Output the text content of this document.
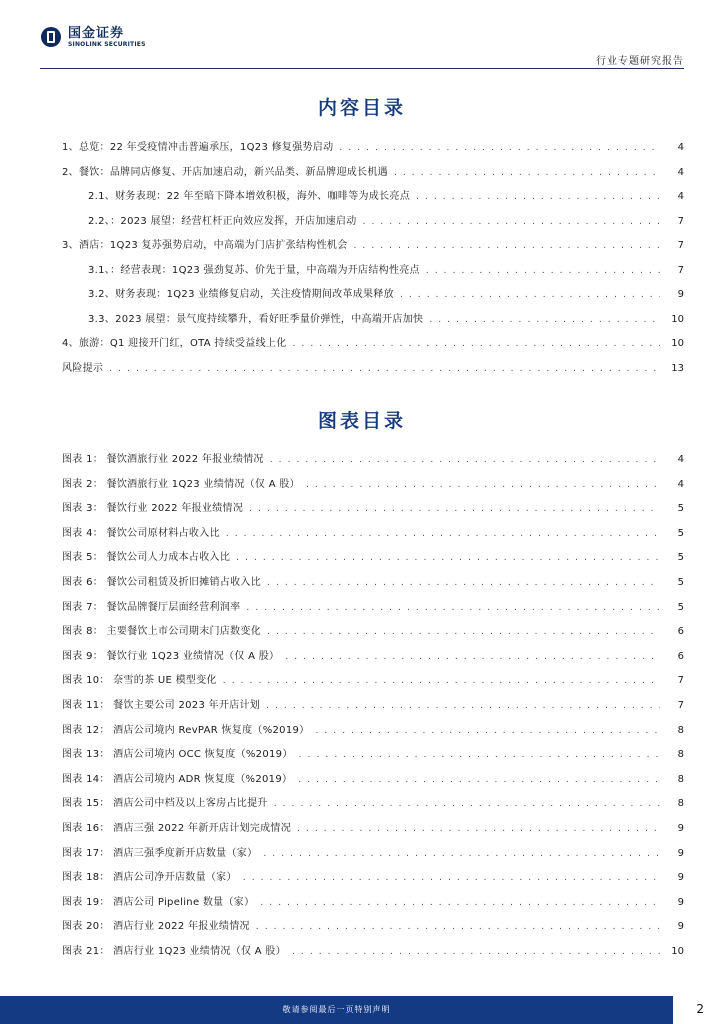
国金证券
SINOLINK SECURITIES
行业专题研究报告
内容目录
1、总览：22 年受疫情冲击普遍承压，1Q23 修复强势启动 . . .	4
2、餐饮：品牌同店修复、开店加速启动，新兴品类、新品牌迎成长机遇 . . .	4
2.1、财务表现：22 年至暗下降本增效积极，海外、咖啡等为成长亮点 . . .	4
2.2、：2023 展望：经营杠杆正向效应发挥，开店加速启动 . . .	7
3、酒店：1Q23 复苏强势启动，中高端为门店扩张结构性机会 . . .	7
3.1、：经营表现：1Q23 强劲复苏、价先于量，中高端为开店结构性亮点 . . .	7
3.2、财务表现：1Q23 业绩修复启动，关注疫情期间改革成果释放 . . .	9
3.3、2023 展望：景气度持续攀升，看好旺季量价弹性，中高端开店加快 . . .	10
4、旅游：Q1 迎接开门红，OTA 持续受益线上化 . . .	10
风险提示 . . .	13
图表目录
图表 1： 餐饮酒旅行业 2022 年报业绩情况 . . .	4
图表 2： 餐饮酒旅行业 1Q23 业绩情况（仅 A 股） . . .	4
图表 3： 餐饮行业 2022 年报业绩情况 . . .	5
图表 4： 餐饮公司原材料占收入比 . . .	5
图表 5： 餐饮公司人力成本占收入比 . . .	5
图表 6： 餐饮公司租赁及折旧摊销占收入比 . . .	5
图表 7： 餐饮品牌餐厅层面经营利润率 . . .	5
图表 8： 主要餐饮上市公司期末门店数变化 . . .	6
图表 9： 餐饮行业 1Q23 业绩情况（仅 A 股） . . .	6
图表 10： 奈雪的茶 UE 模型变化 . . .	7
图表 11： 餐饮主要公司 2023 年开店计划 . . .	7
图表 12： 酒店公司境内 RevPAR 恢复度（%2019） . . .	8
图表 13： 酒店公司境内 OCC 恢复度（%2019） . . .	8
图表 14： 酒店公司境内 ADR 恢复度（%2019） . . .	8
图表 15： 酒店公司中档及以上客房占比提升 . . .	8
图表 16： 酒店三强 2022 年新开店计划完成情况 . . .	9
图表 17： 酒店三强季度新开店数量（家） . . .	9
图表 18： 酒店公司净开店数量（家） . . .	9
图表 19： 酒店公司 Pipeline 数量（家） . . .	9
图表 20： 酒店行业 2022 年报业绩情况 . . .	9
图表 21： 酒店行业 1Q23 业绩情况（仅 A 股） . . .	10
敬请参阅最后一页特别声明	2
